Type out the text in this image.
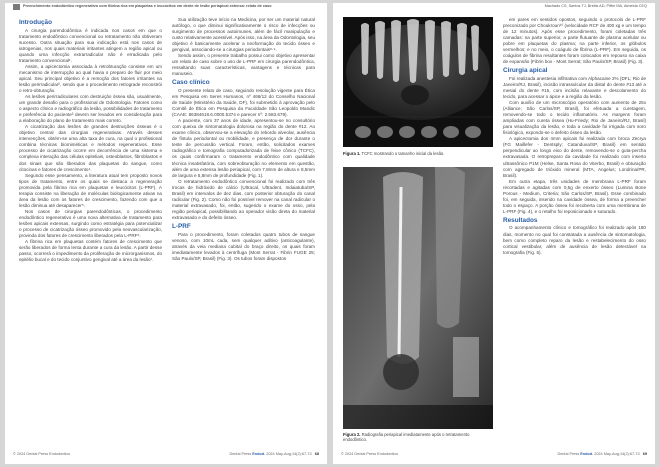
Preenchimento endodôntico regenerativo com fibrina rica em plaquetas e leucócitos em dente de lesão periapical extensa: relato de caso
Introdução

A cirurgia parendodôntica é indicada nos casos em que o tratamento endodôntico convencional ou retratamento não obtiveram sucesso. Outra situação para sua indicação está nos casos de iatrogenias, nos quais materiais irritantes atingem a região apical ou quando uma infecção extrarradicular não é erradicada pelo tratamento convencional¹.

Assim, a apicectomia associada à retrobturação consiste em um mecanismo de interrupção ao qual havia o preparo de fluir por meio apical. Seu principal objetivo é a remoção dos fatores irritantes na lesão perirradicular², sendo que o procedimento retrograde reconstrói o retro-obturação.

As lesões perirradiculares com destruição óssea são, usualmente, um grande desafio para o profissional de Odontologia. Fatores como o aspecto clínico e radiográfico da lesão, possibilidades de tratamento e preferência do paciente³ devem ser levados em consideração para a elaboração do plano de tratamento mais correto.

A cicatrização das lesões de grandes destruições ósseas é o objetivo central das cirurgias regenerativas. Através desses intervenções, obtém-se uma alta taxa de cura, na qual o profissional combina técnicas biomiméticas e métodos regenerativos. Esse processo de cicatrização ocorre em decorrência de uma sistema e complexa interação das células epiteliais, osteoblastos, fibroblastos e dos sinais que são liberados das plaquetas do sangue, como citocinas e fatores de crescimento⁴.

Segundo esse pensamento, a literatura atual tem proposto novos tipos de tratamento, entre os quais se destaca a regeneração promovida pela fibrina rica em plaquetas e leucócitos (L-PRF). A terapia consiste na liberação de moléculas biologicamente ativas na área da lesão com os fatores de crescimento, fazendo com que a lesão diminua até desaparecer⁵.

Nos casos de cirurgias parendodônticas, o procedimento endodôntico regenerativo é uma nova alternativa de tratamento para lesões apicais extensas, surgindo como estratégia para potencializar o processo de cicatrização ósseo promovido pela neovascularização, provinda dos fatores de crescimento liberados pela L-PRF⁶.

A fibrina rica em plaquetas contém fatores de crescimento que serão liberados de forma lenta durante a cura da lesão. A partir desse passo, ocorrerá o impedimento da proliferação de microrganismos, do epitélio bucal e do tecido conjuntivo gengival até a área da lesão⁷.

Sua utilização teve início na Medicina, por ser um material natural autólogo, o que diminui significativamente o risco de infecções ou surgimento de processos autoimunes, além de fácil manipulação e custo relativamente acessível. Após isso, na área da Odontologia, seu objetivo é basicamente acelerar a neoformação do tecido ósseo e gengival, associando-se a cirurgias periodontais⁸·⁹.

Sendo assim, o presente trabalho possui como objetivo apresentar um relato de caso sobre o uso de L-PRF em cirurgia parendodôntica, ressaltando suas características, vantagens e técnicas para manuseio.

Caso clínico

O presente relato de caso, seguindo resolução vigente para Ética em Pesquisa em Seres Humanos, nº 466/12 do Conselho Nacional de Saúde (Ministério da Saúde, DF), foi submetido à aprovação pelo Comitê de Ética em Pesquisa da Faculdade São Leopoldo Mandic (CAAE: 86384618.6.0000.5374 e parecer nº: 2.583.679).

A paciente, com 37 anos de idade, apresentou-se no consultório com queixa de sintomatologia dolorosa na região do dente #12. Ao exame clínico, observou-se a elevação do rebordo alveolar, ausência de fístula periodontal ou mobilidade, e presença de dor durante o teste de percussão vertical. Foram, então, solicitados exames radiográfico e tomografia computadorizada de feixe cônico (TCFC), os quais confirmaram o tratamento endodôntico com qualidade técnica insatisfatória, com sobreobturação no elemento em questão, além de uma extensa lesão periapical, com 7,8mm de altura e 8,5mm de largura e 5,8mm de profundidade (Fig. 1).

O retratamento endodôntico convencional foi realizado com três trocas de hidróxido de cálcio (Ultracal, Ultradent, Indaiatuba/SP, Brasil) em intervalos de dez dias, com posterior obturação do canal radicular (Fig. 2). Como não foi possível remover na canal radicular o material extravasado, foi, então, sugerido o exame do osso, pela região periapical, possibilitando ao operador visão direta do material extravasado e do defeito ósseo.

L-PRF

Para o procedimento, foram coletados quatro tubos de sangue venoso, com 10mL cada, sem qualquer aditivo (anticoagulante), através da veia mediana cubital do braço direito, os quais foram imediatamente levados à centrífuga (Mont Serrat - Fibrin FUGE 25; São Paulo/SP, Brasil) (Fig. 3). Os tubos foram dispostos

© 2024 Dental Press Endodontics	Dental Press Endod. 2024 May-Aug;14(2):67-73 68
Machado CS, Santos TJ, Breitis AD, Piffer MA, Almeida CEQ
Figura 1. TCFC mostrando o tamanho inicial da lesão.
Figura 2. Radiografia periapical imediatamente após o retratamento endodôntico.

em pares em sentidos opostos, seguindo o protocolo de L-PRF preconizado por Choukroun¹⁰ (velocidade RCF de 400 xg e um tempo de 12 minutos). Após esse procedimento, foram coletadas três camadas: na parte superior, a parte flutuante de plasma acelular ou pobre em plaquetas do plasma; na parte inferior, os glóbulos vermelhos; e no meio, o coágulo de fibrina (L-PRF). Em seguida, os coágulos de fibrina resultantes foram colocados em repouso na caixa de expansão (Fibrin box - Mont Serrat; São Paulo/SP, Brasil) (Fig. 3).

Cirurgia apical

Foi realizada anestesia infiltrativa com Alphacaine 2% (DFL; Rio de Janeiro/RJ, Brasil), incisão intrassulcular da distal do dente #13 até a mesial do dente #15, com incisão relaxante e descolamento do tecido, para acessar o ápice e a região da lesão.

Com auxílio de um microscópio operatório com aumento de 25x (Alliance; São Carlos/SP, Brasil), foi efetuada a curetagem, removendo-se todo o tecido inflamatório. As margens foram ampliadas com cureta óssea (Hu-Friedy; Rio de Janeiro/RJ, Brasil) para visualização da lesão, e toda a cavidade foi irrigada com soro fisiológico, expondo-se o defeito ósseo da lesão.

A apicectomia dos 4mm apicais foi realizada com broca Zecrya (FG Maillefer - Dentsply; Catanduva/SP, Brasil) em sentido perpendicular ao longo eixo do dente, removendo-se o guta-percha extravasada. O retropreparo da cavidade foi realizado com inserto ultrassônico P1M (Helse, Santa Rosa do Viterbo, Brasil) e obturação com agregado de trióxido mineral (MTA, Angelus; Londrina/PR, Brasil).

Em outra etapa, três unidades de membrana L-PRF foram recortadas e agitadas com 0,5g de enxerto ósseo (Lumina Bone Porous - Medium, Criteria; São Carlos/SP, Brasil). Esse combinado foi, em seguida, inserido na cavidade óssea, de forma a preencher todo o espaço. A porção óssea foi recoberta com uma membrana de L-PRF (Fig. 4), e o retalho foi reposicionado e suturado.

Resultados

O acompanhamento clínico e tomográfico foi realizado após 180 dias, momento no qual foi constatada a ausência de sintomatologia, bem como completo reparo da lesão e restabelecimento do osso cortical vestibular, além de ausência de lesão detectável na tomografia (Fig. 5).

© 2024 Dental Press Endodontics	Dental Press Endod. 2024 May-Aug;14(2):67-73 69
